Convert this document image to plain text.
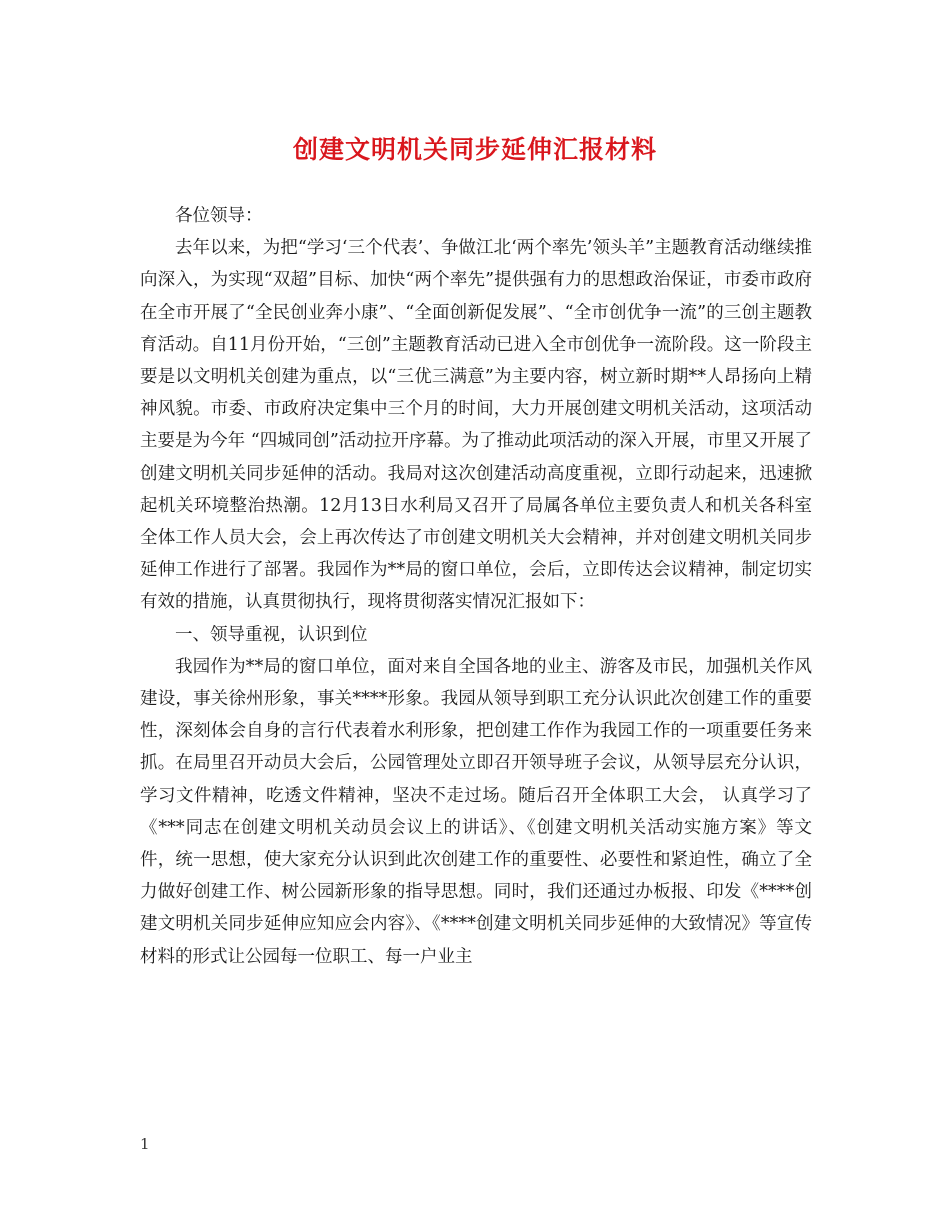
创建文明机关同步延伸汇报材料

各位领导：

去年以来，为把“学习‘三个代表’、争做江北‘两个率先’领头羊”主题教育活动继续推向深入，为实现“双超”目标、加快“两个率先”提供强有力的思想政治保证，市委市政府在全市开展了“全民创业奔小康”、“全面创新促发展”、“全市创优争一流”的三创主题教育活动。自11月份开始，“三创”主题教育活动已进入全市创优争一流阶段。这一阶段主要是以文明机关创建为重点，以“三优三满意”为主要内容，树立新时期**人昂扬向上精神风貌。市委、市政府决定集中三个月的时间，大力开展创建文明机关活动，这项活动主要是为今年 “四城同创”活动拉开序幕。为了推动此项活动的深入开展，市里又开展了创建文明机关同步延伸的活动。我局对这次创建活动高度重视，立即行动起来，迅速掀起机关环境整治热潮。12月13日水利局又召开了局属各单位主要负责人和机关各科室全体工作人员大会，会上再次传达了市创建文明机关大会精神，并对创建文明机关同步延伸工作进行了部署。我园作为**局的窗口单位，会后，立即传达会议精神，制定切实有效的措施，认真贯彻执行，现将贯彻落实情况汇报如下：

一、领导重视，认识到位

我园作为**局的窗口单位，面对来自全国各地的业主、游客及市民，加强机关作风建设，事关徐州形象，事关****形象。我园从领导到职工充分认识此次创建工作的重要性，深刻体会自身的言行代表着水利形象，把创建工作作为我园工作的一项重要任务来抓。在局里召开动员大会后，公园管理处立即召开领导班子会议，从领导层充分认识，学习文件精神，吃透文件精神，坚决不走过场。随后召开全体职工大会， 认真学习了《***同志在创建文明机关动员会议上的讲话》、《创建文明机关活动实施方案》等文件，统一思想，使大家充分认识到此次创建工作的重要性、必要性和紧迫性，确立了全力做好创建工作、树公园新形象的指导思想。同时，我们还通过办板报、印发《****创建文明机关同步延伸应知应会内容》、《****创建文明机关同步延伸的大致情况》等宣传材料的形式让公园每一位职工、每一户业主

1
